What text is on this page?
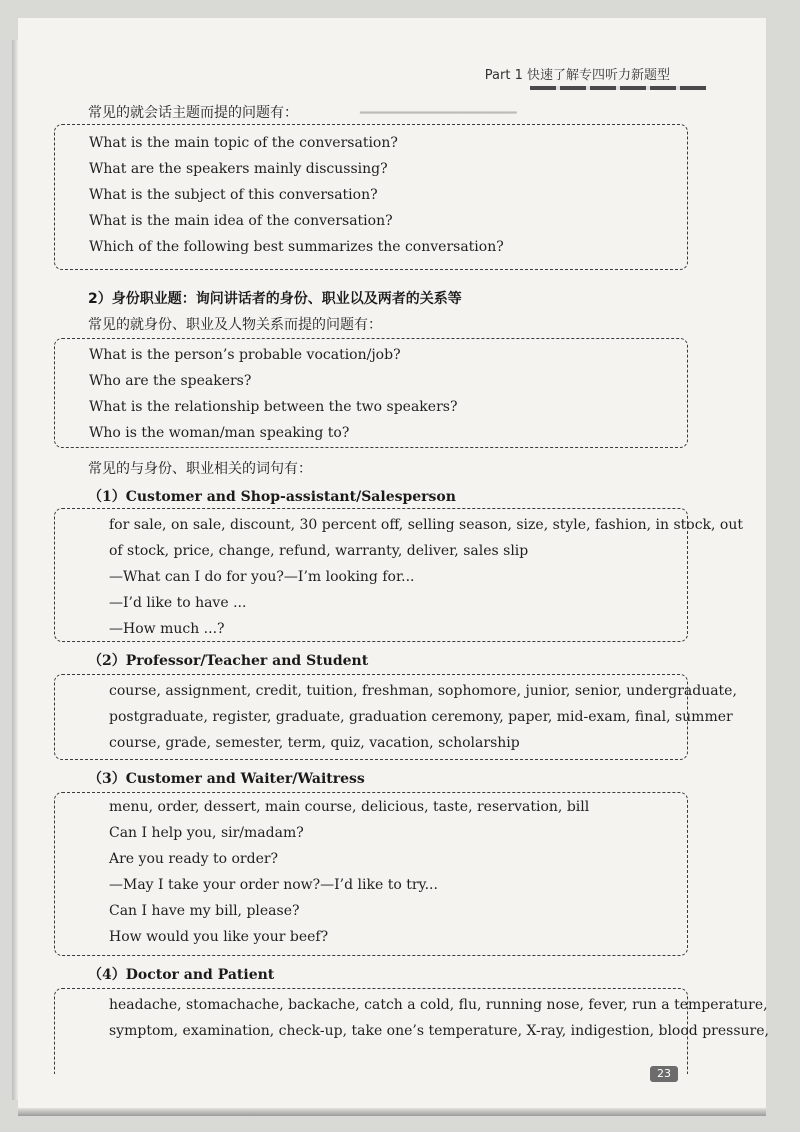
━━━━━━━━━━━━━━━━━━━━
Part 1 快速了解专四听力新题型
常见的就会话主题而提的问题有：
What is the main topic of the conversation?
What are the speakers mainly discussing?
What is the subject of this conversation?
What is the main idea of the conversation?
Which of the following best summarizes the conversation?
2）身份职业题：询问讲话者的身份、职业以及两者的关系等
常见的就身份、职业及人物关系而提的问题有：
What is the person’s probable vocation/job?
Who are the speakers?
What is the relationship between the two speakers?
Who is the woman/man speaking to?
常见的与身份、职业相关的词句有：
（1）Customer and Shop-assistant/Salesperson
for sale, on sale, discount, 30 percent off, selling season, size, style, fashion, in stock, out
of stock, price, change, refund, warranty, deliver, sales slip
—What can I do for you?—I’m looking for...
—I’d like to have ...
—How much ...?
（2）Professor/Teacher and Student
course, assignment, credit, tuition, freshman, sophomore, junior, senior, undergraduate,
postgraduate, register, graduate, graduation ceremony, paper, mid-exam, final, summer
course, grade, semester, term, quiz, vacation, scholarship
（3）Customer and Waiter/Waitress
menu, order, dessert, main course, delicious, taste, reservation, bill
Can I help you, sir/madam?
Are you ready to order?
—May I take your order now?—I’d like to try...
Can I have my bill, please?
How would you like your beef?
（4）Doctor and Patient
headache, stomachache, backache, catch a cold, flu, running nose, fever, run a temperature,
symptom, examination, check-up, take one’s temperature, X-ray, indigestion, blood pressure,
23
